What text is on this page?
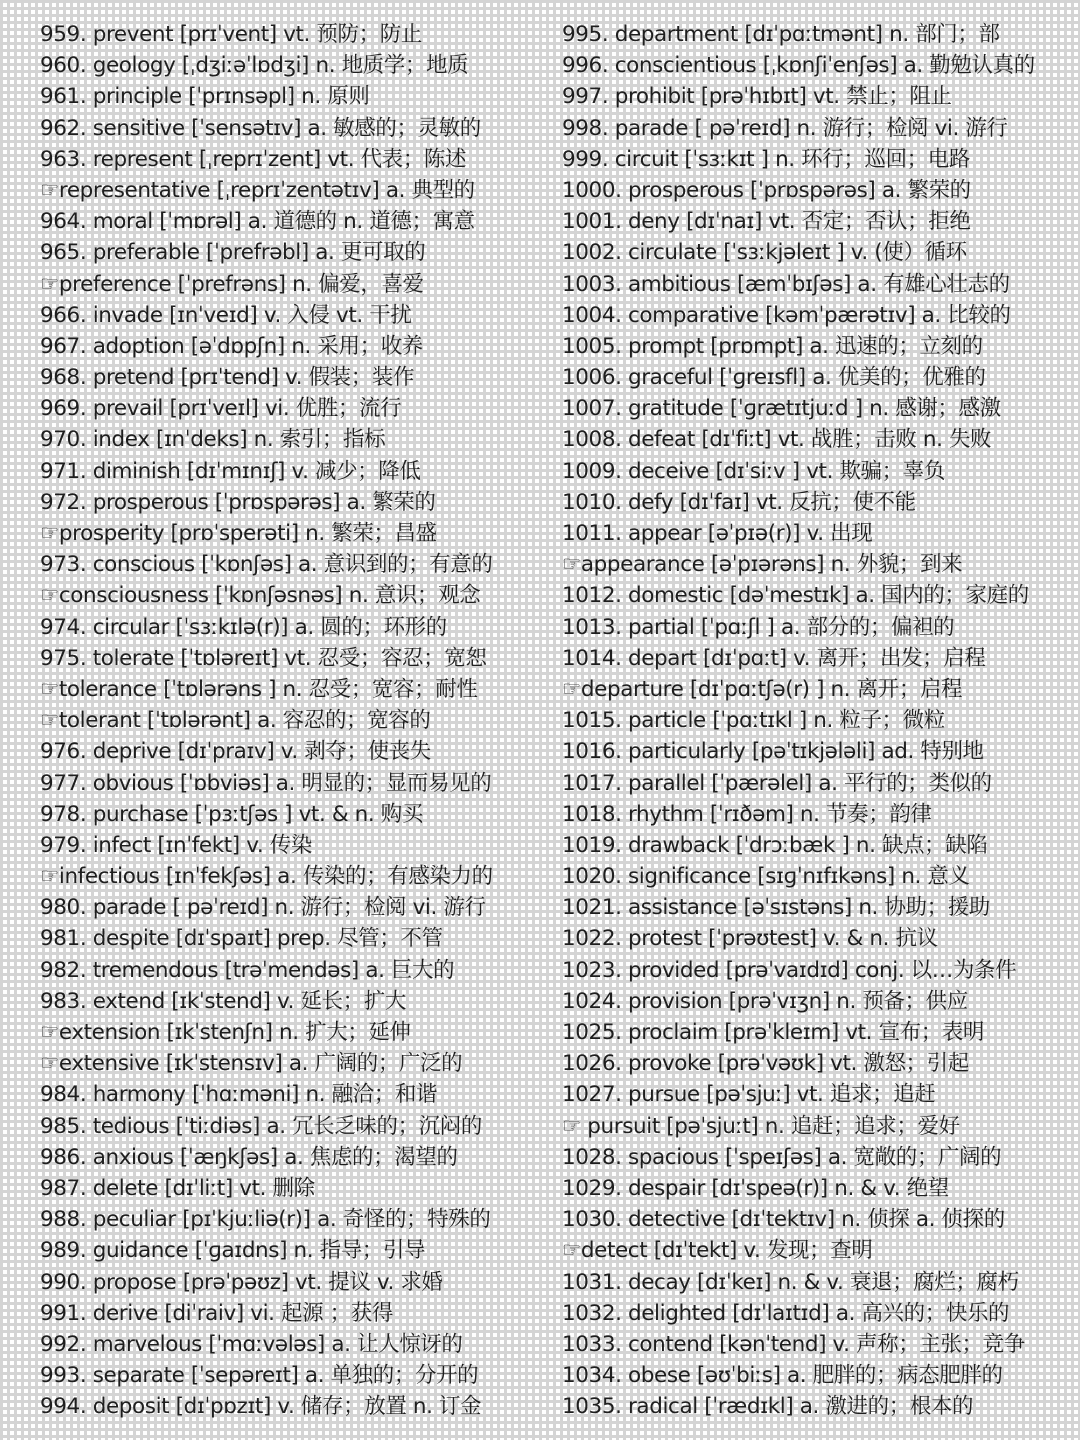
959. prevent [prɪˈvent] vt. 预防；防止
960. geology [ˌdʒiːəˈlɒdʒi] n. 地质学；地质
961. principle [ˈprɪnsəpl] n. 原则
962. sensitive [ˈsensətɪv] a. 敏感的；灵敏的
963. represent [ˌreprɪˈzent] vt. 代表；陈述
☞representative [ˌreprɪˈzentətɪv] a. 典型的
964. moral [ˈmɒrəl] a. 道德的 n. 道德；寓意
965. preferable [ˈprefrəbl] a. 更可取的
☞preference [ˈprefrəns] n. 偏爱，喜爱
966. invade [ɪnˈveɪd] v. 入侵 vt. 干扰
967. adoption [əˈdɒpʃn] n. 采用；收养
968. pretend [prɪˈtend] v. 假装；装作
969. prevail [prɪˈveɪl] vi. 优胜；流行
970. index [ɪnˈdeks] n. 索引；指标
971. diminish [dɪˈmɪnɪʃ] v. 减少；降低
972. prosperous [ˈprɒspərəs] a. 繁荣的
☞prosperity [prɒˈsperəti] n. 繁荣；昌盛
973. conscious [ˈkɒnʃəs] a. 意识到的；有意的
☞consciousness [ˈkɒnʃəsnəs] n. 意识；观念
974. circular [ˈsɜːkɪlə(r)] a. 圆的；环形的
975. tolerate [ˈtɒləreɪt] vt. 忍受；容忍；宽恕
☞tolerance [ˈtɒlərəns ] n. 忍受；宽容；耐性
☞tolerant [ˈtɒlərənt] a. 容忍的；宽容的
976. deprive [dɪˈpraɪv] v. 剥夺；使丧失
977. obvious [ˈɒbviəs] a. 明显的；显而易见的
978. purchase [ˈpɜːtʃəs ] vt. & n. 购买
979. infect [ɪnˈfekt] v. 传染
☞infectious [ɪnˈfekʃəs] a. 传染的；有感染力的
980. parade [ pəˈreɪd] n. 游行；检阅 vi. 游行
981. despite [dɪˈspaɪt] prep. 尽管；不管
982. tremendous [trəˈmendəs] a. 巨大的
983. extend [ɪkˈstend] v. 延长；扩大
☞extension [ɪkˈstenʃn] n. 扩大；延伸
☞extensive [ɪkˈstensɪv] a. 广阔的；广泛的
984. harmony [ˈhɑːməni] n. 融洽；和谐
985. tedious [ˈtiːdiəs] a. 冗长乏味的；沉闷的
986. anxious [ˈæŋkʃəs] a. 焦虑的；渴望的
987. delete [dɪˈliːt] vt. 删除
988. peculiar [pɪˈkjuːliə(r)] a. 奇怪的；特殊的
989. guidance [ˈɡaɪdns] n. 指导；引导
990. propose [prəˈpəʊz] vt. 提议 v. 求婚
991. derive [diˈraiv] vi. 起源 ；获得
992. marvelous [ˈmɑːvələs] a. 让人惊讶的
993. separate [ˈsepəreɪt] a. 单独的；分开的
994. deposit [dɪˈpɒzɪt] v. 储存；放置 n. 订金
995. department [dɪˈpɑːtmənt] n. 部门；部
996. conscientious [ˌkɒnʃiˈenʃəs] a. 勤勉认真的
997. prohibit [prəˈhɪbɪt] vt. 禁止；阻止
998. parade [ pəˈreɪd] n. 游行；检阅 vi. 游行
999. circuit [ˈsɜːkɪt ] n. 环行；巡回；电路
1000. prosperous [ˈprɒspərəs] a. 繁荣的
1001. deny [dɪˈnaɪ] vt. 否定；否认；拒绝
1002. circulate [ˈsɜːkjəleɪt ] v. (使）循环
1003. ambitious [æmˈbɪʃəs] a. 有雄心壮志的
1004. comparative [kəmˈpærətɪv] a. 比较的
1005. prompt [prɒmpt] a. 迅速的；立刻的
1006. graceful [ˈɡreɪsfl] a. 优美的；优雅的
1007. gratitude [ˈɡrætɪtjuːd ] n. 感谢；感激
1008. defeat [dɪˈfiːt] vt. 战胜；击败 n. 失败
1009. deceive [dɪˈsiːv ] vt. 欺骗；辜负
1010. defy [dɪˈfaɪ] vt. 反抗；使不能
1011. appear [əˈpɪə(r)] v. 出现
☞appearance [əˈpɪərəns] n. 外貌；到来
1012. domestic [dəˈmestɪk] a. 国内的；家庭的
1013. partial [ˈpɑːʃl ] a. 部分的；偏袒的
1014. depart [dɪˈpɑːt] v. 离开；出发；启程
☞departure [dɪˈpɑːtʃə(r) ] n. 离开；启程
1015. particle [ˈpɑːtɪkl ] n. 粒子；微粒
1016. particularly [pəˈtɪkjələli] ad. 特别地
1017. parallel [ˈpærəlel] a. 平行的；类似的
1018. rhythm [ˈrɪðəm] n. 节奏；韵律
1019. drawback [ˈdrɔːbæk ] n. 缺点；缺陷
1020. significance [sɪɡˈnɪfɪkəns] n. 意义
1021. assistance [əˈsɪstəns] n. 协助；援助
1022. protest [ˈprəʊtest] v. & n. 抗议
1023. provided [prəˈvaɪdɪd] conj. 以…为条件
1024. provision [prəˈvɪʒn] n. 预备；供应
1025. proclaim [prəˈkleɪm] vt. 宣布；表明
1026. provoke [prəˈvəʊk] vt. 激怒；引起
1027. pursue [pəˈsjuː] vt. 追求；追赶
☞ pursuit [pəˈsjuːt] n. 追赶；追求；爱好
1028. spacious [ˈspeɪʃəs] a. 宽敞的；广阔的
1029. despair [dɪˈspeə(r)] n. & v. 绝望
1030. detective [dɪˈtektɪv] n. 侦探 a. 侦探的
☞detect [dɪˈtekt] v. 发现；查明
1031. decay [dɪˈkeɪ] n. & v. 衰退；腐烂；腐朽
1032. delighted [dɪˈlaɪtɪd] a. 高兴的；快乐的
1033. contend [kənˈtend] v. 声称；主张；竞争
1034. obese [əʊˈbiːs] a. 肥胖的；病态肥胖的
1035. radical [ˈrædɪkl] a. 激进的；根本的
